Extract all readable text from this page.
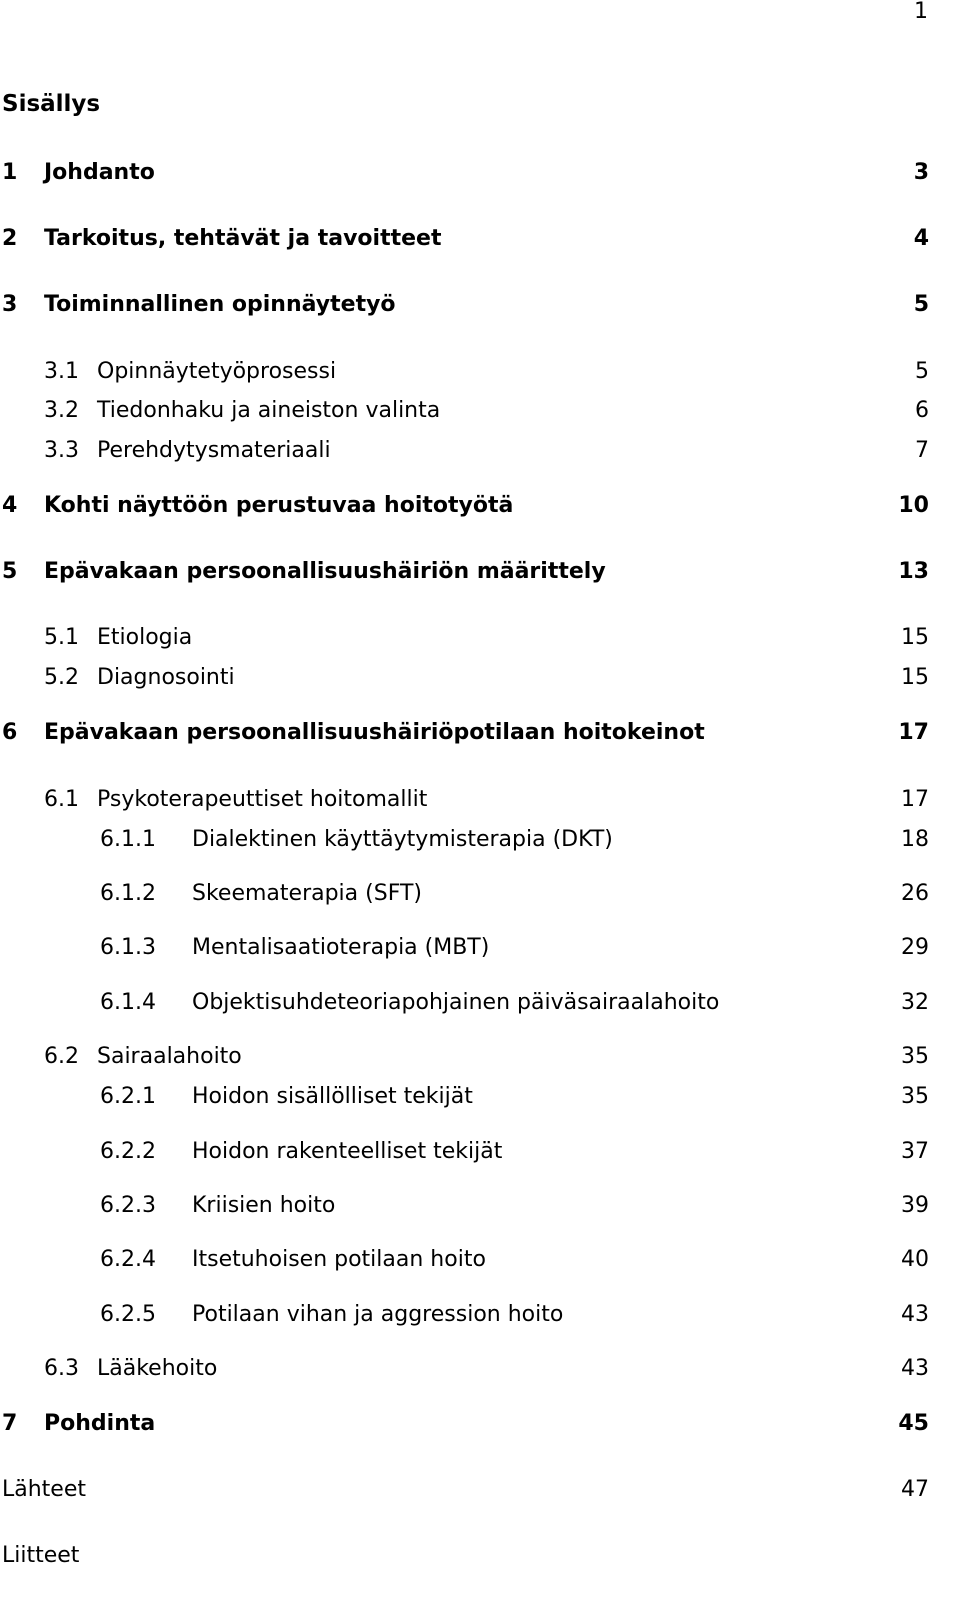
1
Sisällys
1 Johdanto	3
2 Tarkoitus, tehtävät ja tavoitteet	4
3 Toiminnallinen opinnäytetyö	5
3.1 Opinnäytetyöprosessi	5
3.2 Tiedonhaku ja aineiston valinta	6
3.3 Perehdytysmateriaali	7
4 Kohti näyttöön perustuvaa hoitotyötä	10
5 Epävakaan persoonallisuushäiriön määrittely	13
5.1 Etiologia	15
5.2 Diagnosointi	15
6 Epävakaan persoonallisuushäiriöpotilaan hoitokeinot	17
6.1 Psykoterapeuttiset hoitomallit	17
6.1.1 Dialektinen käyttäytymisterapia (DKT)	18
6.1.2 Skeematerapia (SFT)	26
6.1.3 Mentalisaatioterapia (MBT)	29
6.1.4 Objektisuhdeteoriapohjainen päiväsairaalahoito	32
6.2 Sairaalahoito	35
6.2.1 Hoidon sisällölliset tekijät	35
6.2.2 Hoidon rakenteelliset tekijät	37
6.2.3 Kriisien hoito	39
6.2.4 Itsetuhoisen potilaan hoito	40
6.2.5 Potilaan vihan ja aggression hoito	43
6.3 Lääkehoito	43
7 Pohdinta	45
Lähteet	47
Liitteet
